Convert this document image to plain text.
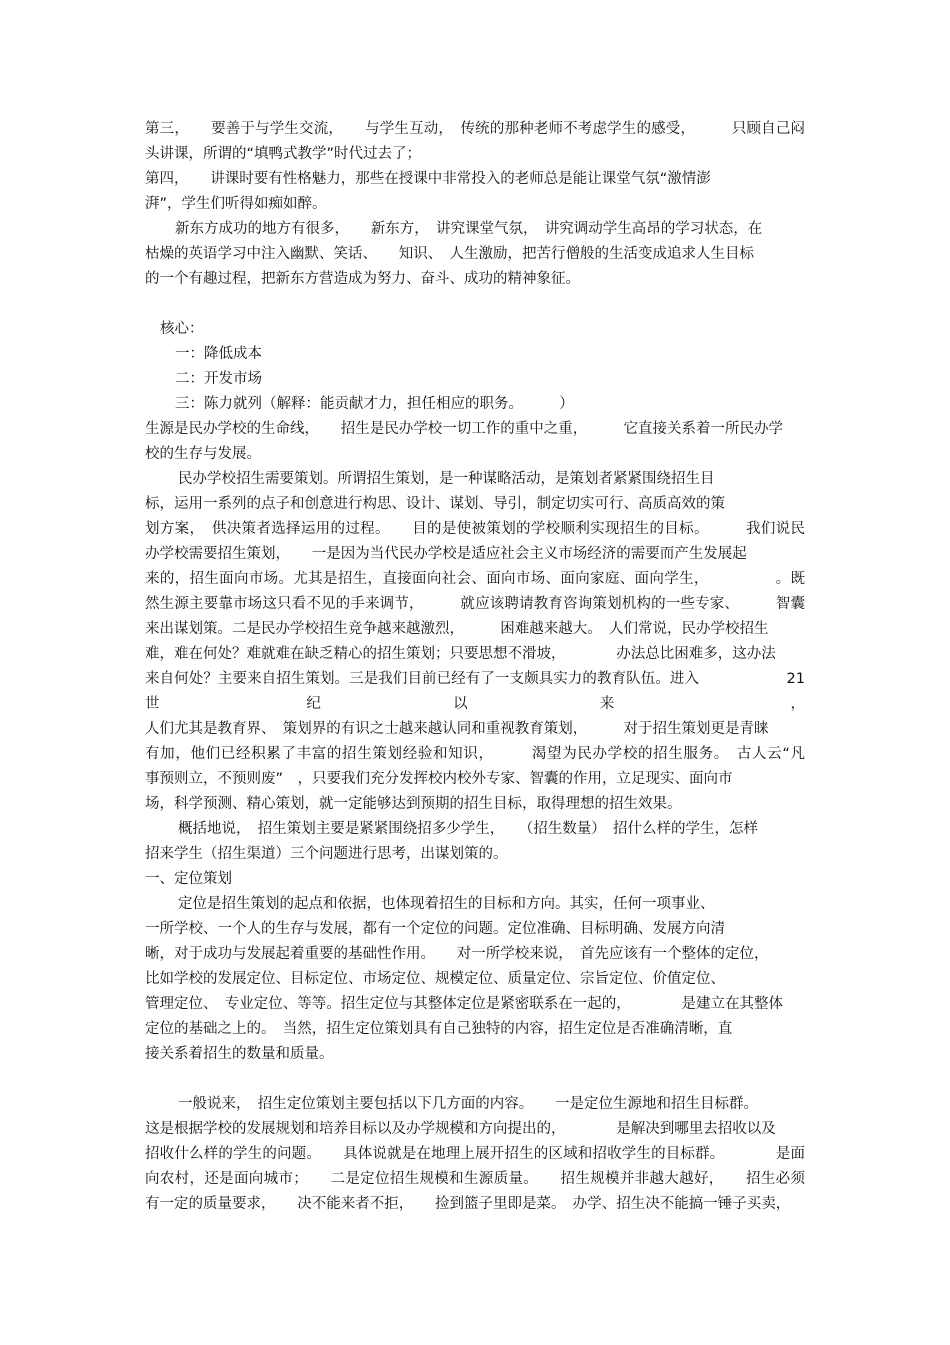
第三，　　要善于与学生交流，　　与学生互动，　传统的那种老师不考虑学生的感受，　　　只顾自己闷
头讲课，所谓的“填鸭式教学”时代过去了；
第四，　　讲课时要有性格魅力，那些在授课中非常投入的老师总是能让课堂气氛“激情澎
湃”，学生们听得如痴如醉。
新东方成功的地方有很多，　　新东方，　讲究课堂气氛，　讲究调动学生高昂的学习状态，在
枯燥的英语学习中注入幽默、笑话、　　知识、　人生激励，把苦行僧般的生活变成追求人生目标
的一个有趣过程，把新东方营造成为努力、奋斗、成功的精神象征。
核心：
一：降低成本
二：开发市场
三：陈力就列（解释：能贡献才力，担任相应的职务。　　　）
生源是民办学校的生命线，　　招生是民办学校一切工作的重中之重，　　　它直接关系着一所民办学
校的生存与发展。
民办学校招生需要策划。所谓招生策划，是一种谋略活动，是策划者紧紧围绕招生目
标，运用一系列的点子和创意进行构思、设计、谋划、导引，制定切实可行、高质高效的策
划方案，　供决策者选择运用的过程。　　目的是使被策划的学校顺利实现招生的目标。　　　我们说民
办学校需要招生策划，　　一是因为当代民办学校是适应社会主义市场经济的需要而产生发展起
来的，招生面向市场。尤其是招生，直接面向社会、面向市场、面向家庭、面向学生，　　　　　。既
然生源主要靠市场这只看不见的手来调节，　　　就应该聘请教育咨询策划机构的一些专家、　　　智囊
来出谋划策。二是民办学校招生竞争越来越激烈，　　　困难越来越大。　人们常说，民办学校招生
难，难在何处？难就难在缺乏精心的招生策划；只要思想不滑坡，　　　　办法总比困难多，这办法
来自何处？主要来自招生策划。三是我们目前已经有了一支颇具实力的教育队伍。进入　　　　　　21
世　　　　　　　　　　纪　　　　　　　　　以　　　　　　　　　来　　　　　　　　　　　　，
人们尤其是教育界、　策划界的有识之士越来越认同和重视教育策划，　　　对于招生策划更是青睐
有加，他们已经积累了丰富的招生策划经验和知识，　　　渴望为民办学校的招生服务。　古人云“凡
事预则立，不预则废”　，只要我们充分发挥校内校外专家、智囊的作用，立足现实、面向市
场，科学预测、精心策划，就一定能够达到预期的招生目标，取得理想的招生效果。
概括地说，　招生策划主要是紧紧围绕招多少学生，　　（招生数量）　招什么样的学生，怎样
招来学生（招生渠道）三个问题进行思考，出谋划策的。
一、定位策划
定位是招生策划的起点和依据，也体现着招生的目标和方向。其实，任何一项事业、
一所学校、一个人的生存与发展，都有一个定位的问题。定位准确、目标明确、发展方向清
晰，对于成功与发展起着重要的基础性作用。　　对一所学校来说，　首先应该有一个整体的定位，
比如学校的发展定位、目标定位、市场定位、规模定位、质量定位、宗旨定位、价值定位、
管理定位、　专业定位、等等。招生定位与其整体定位是紧密联系在一起的，　　　　是建立在其整体
定位的基础之上的。　当然，招生定位策划具有自己独特的内容，招生定位是否准确清晰，直
接关系着招生的数量和质量。
一般说来，　招生定位策划主要包括以下几方面的内容。　　一是定位生源地和招生目标群。
这是根据学校的发展规划和培养目标以及办学规模和方向提出的，　　　　是解决到哪里去招收以及
招收什么样的学生的问题。　　具体说就是在地理上展开招生的区域和招收学生的目标群。　　　　是面
向农村，还是面向城市；　　二是定位招生规模和生源质量。　　招生规模并非越大越好，　　招生必须
有一定的质量要求，　　决不能来者不拒，　　捡到篮子里即是菜。　办学、招生决不能搞一锤子买卖，
